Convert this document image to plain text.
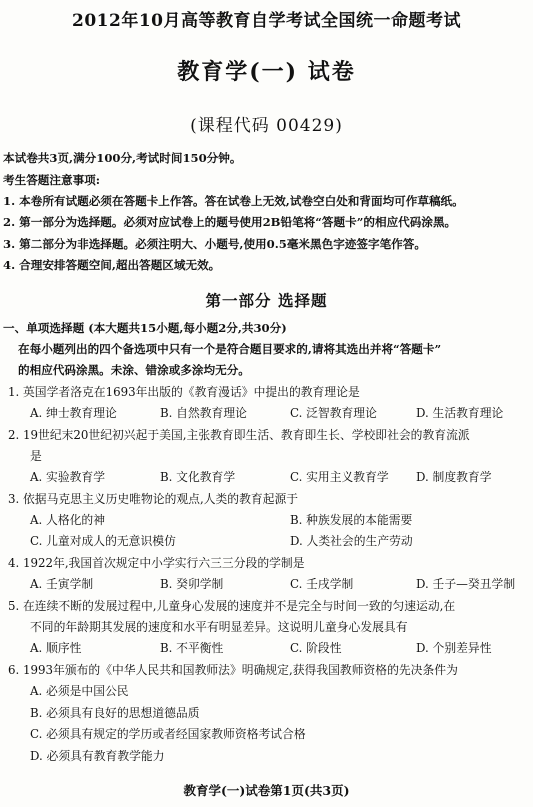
2012年10月高等教育自学考试全国统一命题考试
教育学(一) 试卷
(课程代码 00429)
本试卷共3页,满分100分,考试时间150分钟。
考生答题注意事项:
1. 本卷所有试题必须在答题卡上作答。答在试卷上无效,试卷空白处和背面均可作草稿纸。
2. 第一部分为选择题。必须对应试卷上的题号使用2B铅笔将“答题卡”的相应代码涂黑。
3. 第二部分为非选择题。必须注明大、小题号,使用0.5毫米黑色字迹签字笔作答。
4. 合理安排答题空间,超出答题区域无效。
第一部分 选择题
一、单项选择题 (本大题共15小题,每小题2分,共30分)
在每小题列出的四个备选项中只有一个是符合题目要求的,请将其选出并将“答题卡”
的相应代码涂黑。未涂、错涂或多涂均无分。
1. 英国学者洛克在1693年出版的《教育漫话》中提出的教育理论是
A. 绅士教育理论	B. 自然教育理论	C. 泛智教育理论	D. 生活教育理论
2. 19世纪末20世纪初兴起于美国,主张教育即生活、教育即生长、学校即社会的教育流派
是
A. 实验教育学	B. 文化教育学	C. 实用主义教育学 D. 制度教育学
3. 依据马克思主义历史唯物论的观点,人类的教育起源于
A. 人格化的神	B. 种族发展的本能需要
C. 儿童对成人的无意识模仿	D. 人类社会的生产劳动
4. 1922年,我国首次规定中小学实行六三三分段的学制是
A. 壬寅学制	B. 癸卯学制	C. 壬戌学制	D. 壬子—癸丑学制
5. 在连续不断的发展过程中,儿童身心发展的速度并不是完全与时间一致的匀速运动,在
不同的年龄期其发展的速度和水平有明显差异。这说明儿童身心发展具有
A. 顺序性	B. 不平衡性	C. 阶段性	D. 个别差异性
6. 1993年颁布的《中华人民共和国教师法》明确规定,获得我国教师资格的先决条件为
A. 必须是中国公民
B. 必须具有良好的思想道德品质
C. 必须具有规定的学历或者经国家教师资格考试合格
D. 必须具有教育教学能力
教育学(一)试卷第1页(共3页)
